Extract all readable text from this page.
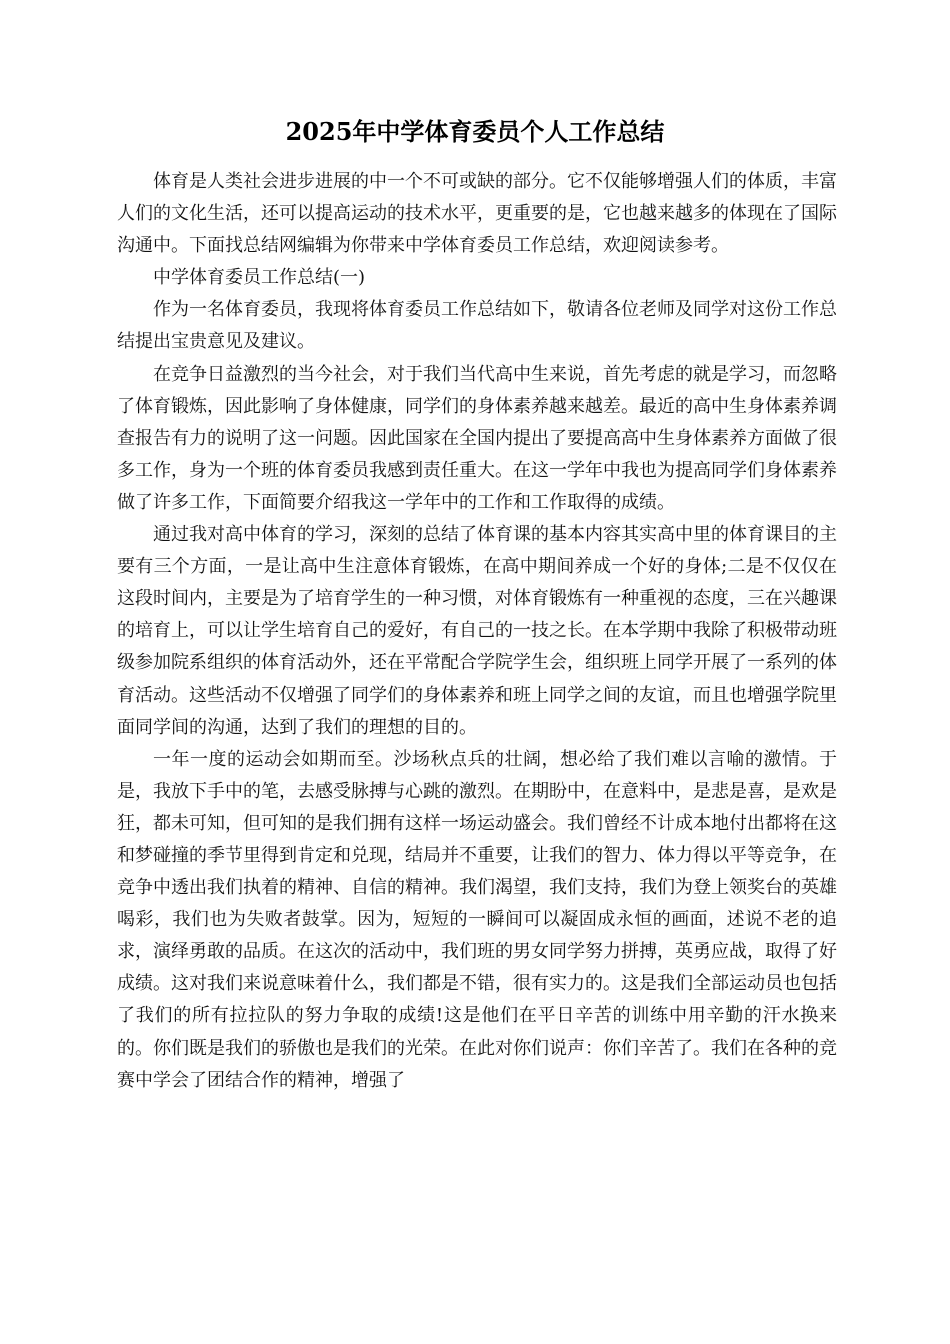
2025年中学体育委员个人工作总结

体育是人类社会进步进展的中一个不可或缺的部分。它不仅能够增强人们的体质，丰富人们的文化生活，还可以提高运动的技术水平，更重要的是，它也越来越多的体现在了国际沟通中。下面找总结网编辑为你带来中学体育委员工作总结，欢迎阅读参考。

中学体育委员工作总结(一)

作为一名体育委员，我现将体育委员工作总结如下，敬请各位老师及同学对这份工作总结提出宝贵意见及建议。

在竞争日益激烈的当今社会，对于我们当代高中生来说，首先考虑的就是学习，而忽略了体育锻炼，因此影响了身体健康，同学们的身体素养越来越差。最近的高中生身体素养调查报告有力的说明了这一问题。因此国家在全国内提出了要提高高中生身体素养方面做了很多工作，身为一个班的体育委员我感到责任重大。在这一学年中我也为提高同学们身体素养做了许多工作，下面简要介绍我这一学年中的工作和工作取得的成绩。

通过我对高中体育的学习，深刻的总结了体育课的基本内容其实高中里的体育课目的主要有三个方面，一是让高中生注意体育锻炼，在高中期间养成一个好的身体;二是不仅仅在这段时间内，主要是为了培育学生的一种习惯，对体育锻炼有一种重视的态度，三在兴趣课的培育上，可以让学生培育自己的爱好，有自己的一技之长。在本学期中我除了积极带动班级参加院系组织的体育活动外，还在平常配合学院学生会，组织班上同学开展了一系列的体育活动。这些活动不仅增强了同学们的身体素养和班上同学之间的友谊，而且也增强学院里面同学间的沟通，达到了我们的理想的目的。

一年一度的运动会如期而至。沙场秋点兵的壮阔，想必给了我们难以言喻的激情。于是，我放下手中的笔，去感受脉搏与心跳的激烈。在期盼中，在意料中，是悲是喜，是欢是狂，都未可知，但可知的是我们拥有这样一场运动盛会。我们曾经不计成本地付出都将在这和梦碰撞的季节里得到肯定和兑现，结局并不重要，让我们的智力、体力得以平等竞争，在竞争中透出我们执着的精神、自信的精神。我们渴望，我们支持，我们为登上领奖台的英雄喝彩，我们也为失败者鼓掌。因为，短短的一瞬间可以凝固成永恒的画面，述说不老的追求，演绎勇敢的品质。在这次的活动中，我们班的男女同学努力拼搏，英勇应战，取得了好成绩。这对我们来说意味着什么，我们都是不错，很有实力的。这是我们全部运动员也包括了我们的所有拉拉队的努力争取的成绩!这是他们在平日辛苦的训练中用辛勤的汗水换来的。你们既是我们的骄傲也是我们的光荣。在此对你们说声：你们辛苦了。我们在各种的竞赛中学会了团结合作的精神，增强了
